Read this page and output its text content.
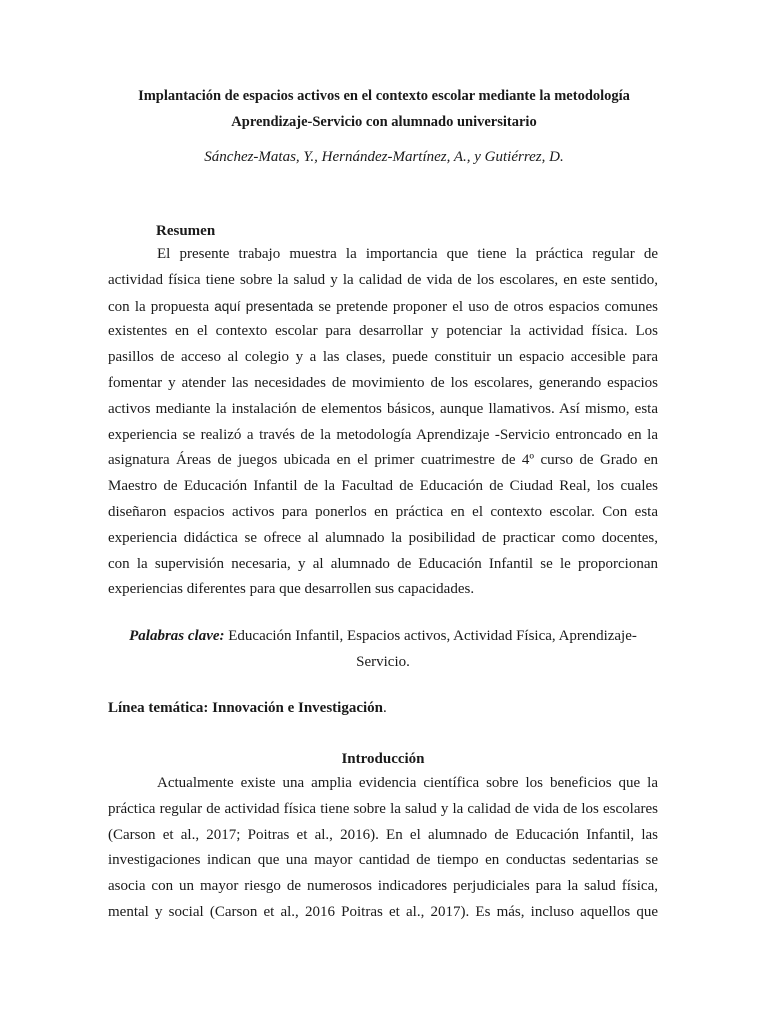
Implantación de espacios activos en el contexto escolar mediante la metodología
Aprendizaje-Servicio con alumnado universitario
Sánchez-Matas, Y., Hernández-Martínez, A., y Gutiérrez, D.
Resumen
El presente trabajo muestra la importancia que tiene la práctica regular de
actividad física tiene sobre la salud y la calidad de vida de los escolares, en este sentido,
con la propuesta aquí presentada se pretende proponer el uso de otros espacios comunes
existentes en el contexto escolar para desarrollar y potenciar la actividad física. Los
pasillos de acceso al colegio y a las clases, puede constituir un espacio accesible para
fomentar y atender las necesidades de movimiento de los escolares, generando espacios
activos mediante la instalación de elementos básicos, aunque llamativos. Así mismo, esta
experiencia se realizó a través de la metodología Aprendizaje -Servicio entroncado en la
asignatura Áreas de juegos ubicada en el primer cuatrimestre de 4º curso de Grado en
Maestro de Educación Infantil de la Facultad de Educación de Ciudad Real, los cuales
diseñaron espacios activos para ponerlos en práctica en el contexto escolar. Con esta
experiencia didáctica se ofrece al alumnado la posibilidad de practicar como docentes,
con la supervisión necesaria, y al alumnado de Educación Infantil se le proporcionan
experiencias diferentes para que desarrollen sus capacidades.
Palabras clave: Educación Infantil, Espacios activos, Actividad Física, Aprendizaje-
Servicio.
Línea temática: Innovación e Investigación.
Introducción
Actualmente existe una amplia evidencia científica sobre los beneficios que la
práctica regular de actividad física tiene sobre la salud y la calidad de vida de los escolares
(Carson et al., 2017; Poitras et al., 2016). En el alumnado de Educación Infantil, las
investigaciones indican que una mayor cantidad de tiempo en conductas sedentarias se
asocia con un mayor riesgo de numerosos indicadores perjudiciales para la salud física,
mental y social (Carson et al., 2016 Poitras et al., 2017). Es más, incluso aquellos que
